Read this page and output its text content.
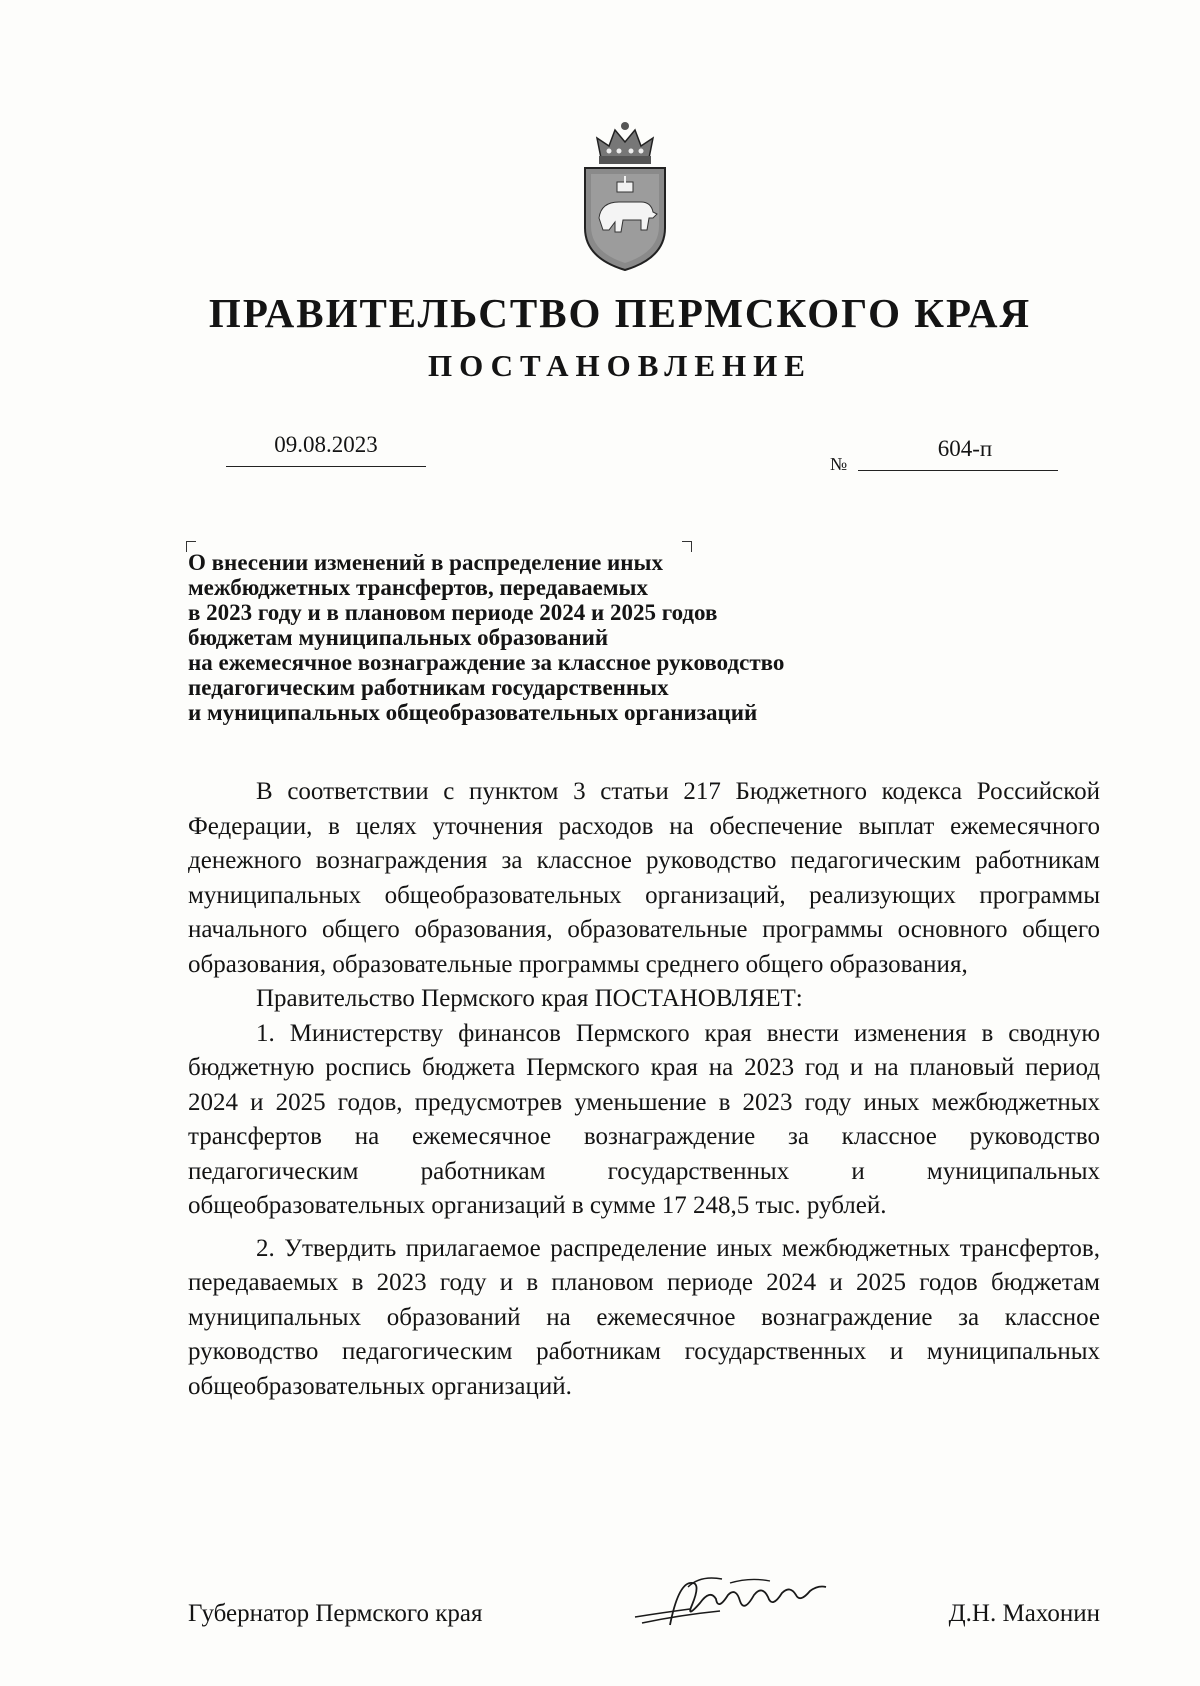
ПРАВИТЕЛЬСТВО ПЕРМСКОГО КРАЯ
ПОСТАНОВЛЕНИЕ
09.08.2023
№
604-п
О внесении изменений в распределение иных
межбюджетных трансфертов, передаваемых
в 2023 году и в плановом периоде 2024 и 2025 годов
бюджетам муниципальных образований
на ежемесячное вознаграждение за классное руководство
педагогическим работникам государственных
и муниципальных общеобразовательных организаций

В соответствии с пунктом 3 статьи 217 Бюджетного кодекса Российской Федерации, в целях уточнения расходов на обеспечение выплат ежемесячного денежного вознаграждения за классное руководство педагогическим работникам муниципальных общеобразовательных организаций, реализующих программы начального общего образования, образовательные программы основного общего образования, образовательные программы среднего общего образования,

Правительство Пермского края ПОСТАНОВЛЯЕТ:

1. Министерству финансов Пермского края внести изменения в сводную бюджетную роспись бюджета Пермского края на 2023 год и на плановый период 2024 и 2025 годов, предусмотрев уменьшение в 2023 году иных межбюджетных трансфертов на ежемесячное вознаграждение за классное руководство педагогическим работникам государственных и муниципальных общеобразовательных организаций в сумме 17 248,5 тыс. рублей.

2. Утвердить прилагаемое распределение иных межбюджетных трансфертов, передаваемых в 2023 году и в плановом периоде 2024 и 2025 годов бюджетам муниципальных образований на ежемесячное вознаграждение за классное руководство педагогическим работникам государственных и муниципальных общеобразовательных организаций.

Губернатор Пермского края	Д.Н. Махонин
